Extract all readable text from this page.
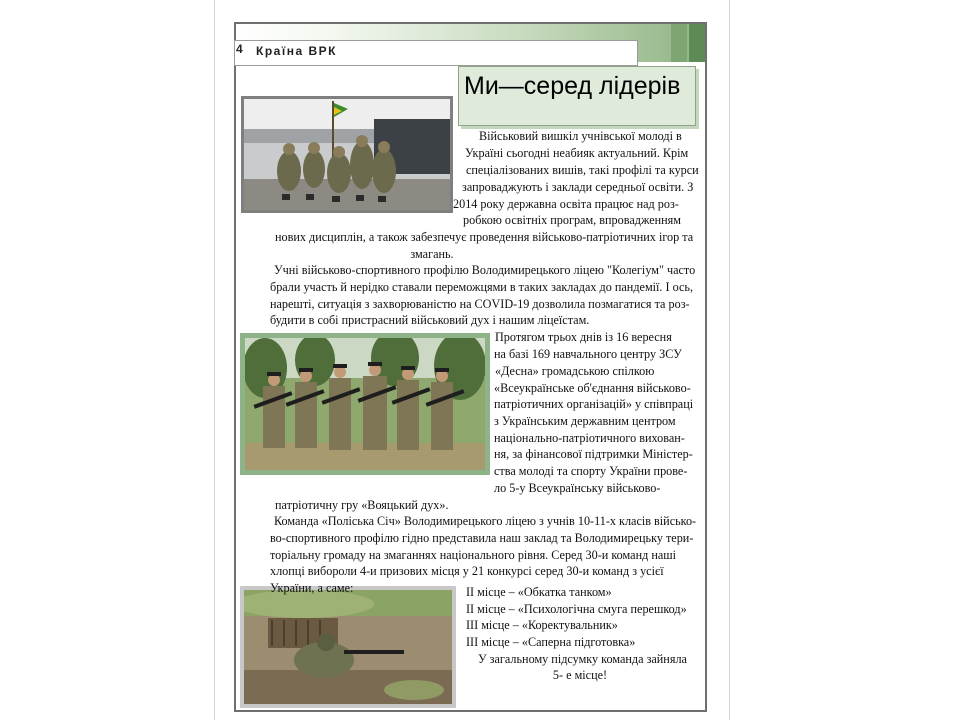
4	Країна ВРК
Ми—серед лідерів
Військовий вишкіл учнівської молоді в
Україні сьогодні неабияк актуальний. Крім
спеціалізованих вишів, такі профілі та курси
запроваджують і заклади середньої освіти. З
2014 року державна освіта працює над роз-
робкою освітніх програм, впровадженням
нових дисциплін, а також забезпечує проведення військово-патріотичних ігор та
змагань.
Учні військово-спортивного профілю Володимирецького ліцею "Колегіум" часто
брали участь й нерідко ставали переможцями в таких закладах до пандемії. І ось,
нарешті, ситуація з захворюваністю на COVID-19 дозволила позмагатися та роз-
будити в собі пристрасний військовий дух і нашим ліцеїстам.
Протягом трьох днів із 16 вересня
на базі 169 навчального центру ЗСУ
«Десна» громадською спілкою
«Всеукраїнське об'єднання військово-
патріотичних організацій» у співпраці
з Українським державним центром
національно-патріотичного вихован-
ня, за фінансової підтримки Міністер-
ства молоді та спорту України прове-
ло 5-у Всеукраїнську військово-
патріотичну гру «Вояцький дух».
Команда «Поліська Січ» Володимирецького ліцею з учнів 10-11-х класів військо-
во-спортивного профілю гідно представила наш заклад та Володимирецьку тери-
торіальну громаду на змаганнях національного рівня. Серед 30-и команд наші
хлопці вибороли 4-и призових місця у 21 конкурсі серед 30-и команд з усієї
України, а саме:	ІІ місце – «Обкатка танком»
ІІ місце – «Психологічна смуга перешкод»
ІІІ місце – «Коректувальник»
ІІІ місце – «Саперна підготовка»
У загальному підсумку команда зайняла
5- е місце!
